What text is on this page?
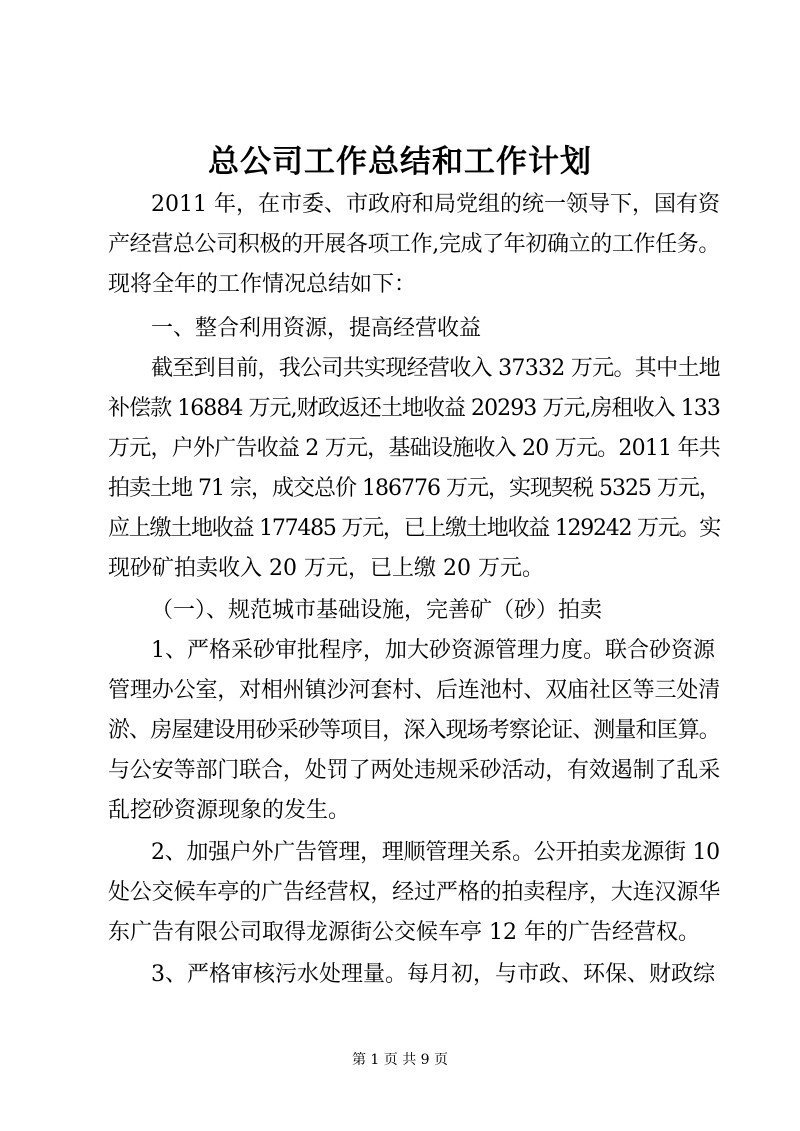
总公司工作总结和工作计划
2011 年，在市委、市政府和局党组的统一领导下，国有资
产经营总公司积极的开展各项工作,完成了年初确立的工作任务。
现将全年的工作情况总结如下：
一、整合利用资源，提高经营收益
截至到目前，我公司共实现经营收入 37332 万元。其中土地
补偿款 16884 万元,财政返还土地收益 20293 万元,房租收入 133
万元，户外广告收益 2 万元，基础设施收入 20 万元。2011 年共
拍卖土地 71 宗，成交总价 186776 万元，实现契税 5325 万元，
应上缴土地收益 177485 万元，已上缴土地收益 129242 万元。实
现砂矿拍卖收入 20 万元，已上缴 20 万元。
（一）、规范城市基础设施，完善矿（砂）拍卖
1、严格采砂审批程序，加大砂资源管理力度。联合砂资源
管理办公室，对相州镇沙河套村、后连池村、双庙社区等三处清
淤、房屋建设用砂采砂等项目，深入现场考察论证、测量和匡算。
与公安等部门联合，处罚了两处违规采砂活动，有效遏制了乱采
乱挖砂资源现象的发生。
2、加强户外广告管理，理顺管理关系。公开拍卖龙源街 10
处公交候车亭的广告经营权，经过严格的拍卖程序，大连汉源华
东广告有限公司取得龙源街公交候车亭 12 年的广告经营权。
3、严格审核污水处理量。每月初，与市政、环保、财政综
第 1 页 共 9 页
